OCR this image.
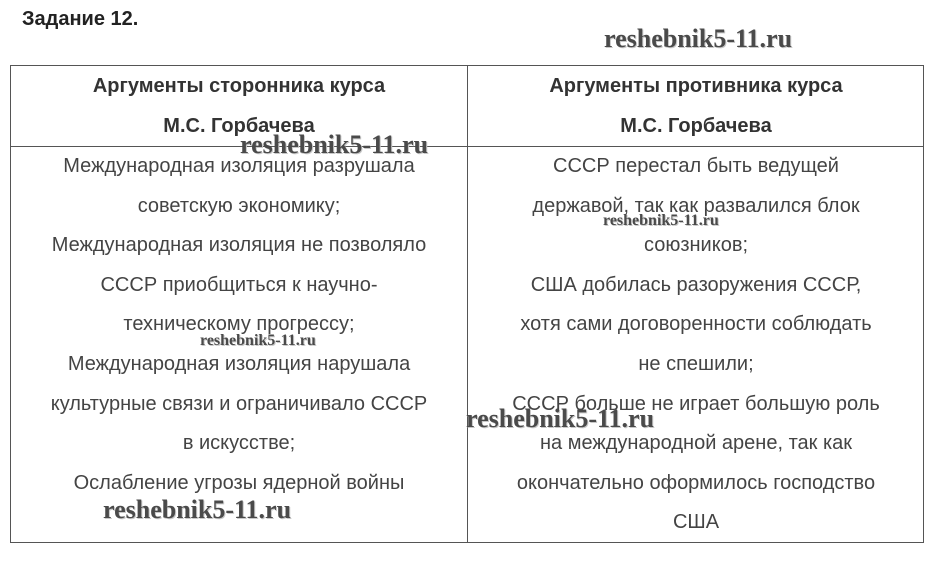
Задание 12.
Аргументы сторонника курса
М.С. Горбачева
Аргументы противника курса
М.С. Горбачева
Международная изоляция разрушала
советскую экономику;
Международная изоляция не позволяло
СССР приобщиться к научно-
техническому прогрессу;
Международная изоляция нарушала
культурные связи и ограничивало СССР
в искусстве;
Ослабление угрозы ядерной войны
СССР перестал быть ведущей
державой, так как развалился блок
союзников;
США добилась разоружения СССР,
хотя сами договоренности соблюдать
не спешили;
СССР больше не играет большую роль
на международной арене, так как
окончательно оформилось господство
США
reshebnik5-11.ru
reshebnik5-11.ru
reshebnik5-11.ru
reshebnik5-11.ru
reshebnik5-11.ru
reshebnik5-11.ru
